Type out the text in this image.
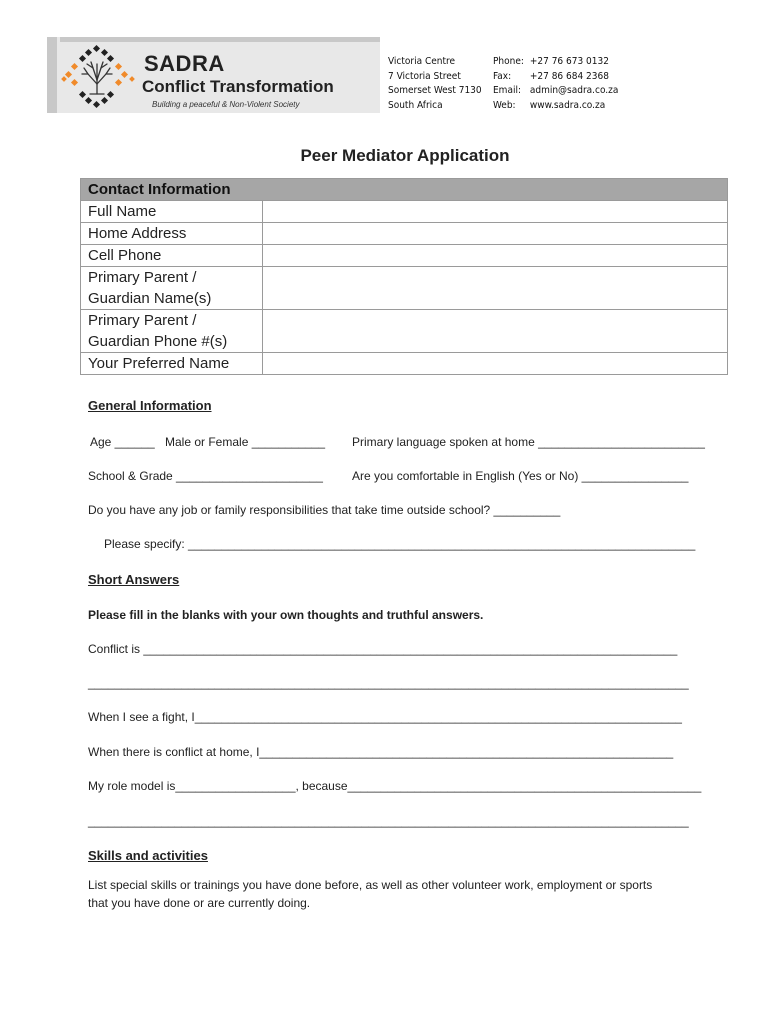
SADRA
Conflict Transformation
Building a peaceful & Non-Violent Society
Victoria Centre
7 Victoria Street
Somerset West 7130
South Africa
Phone: +27 76 673 0132
Fax: +27 86 684 2368
Email: admin@sadra.co.za
Web: www.sadra.co.za
Peer Mediator Application
Contact Information	
Full Name	
Home Address	
Cell Phone	

Primary Parent /
Guardian Name(s)	

Primary Parent /
Guardian Phone #(s)	

Your Preferred Name	
General Information
Age ______ Male or Female ___________ Primary language spoken at home _________________________
School & Grade ______________________ Are you comfortable in English (Yes or No) ________________
Do you have any job or family responsibilities that take time outside school? __________
Please specify: ____________________________________________________________________________
Short Answers
Please fill in the blanks with your own thoughts and truthful answers.
Conflict is ________________________________________________________________________________
__________________________________________________________________________________________
When I see a fight, I_________________________________________________________________________
When there is conflict at home, I______________________________________________________________
My role model is__________________, because_____________________________________________________
__________________________________________________________________________________________
Skills and activities
List special skills or trainings you have done before, as well as other volunteer work, employment or sports
that you have done or are currently doing.
